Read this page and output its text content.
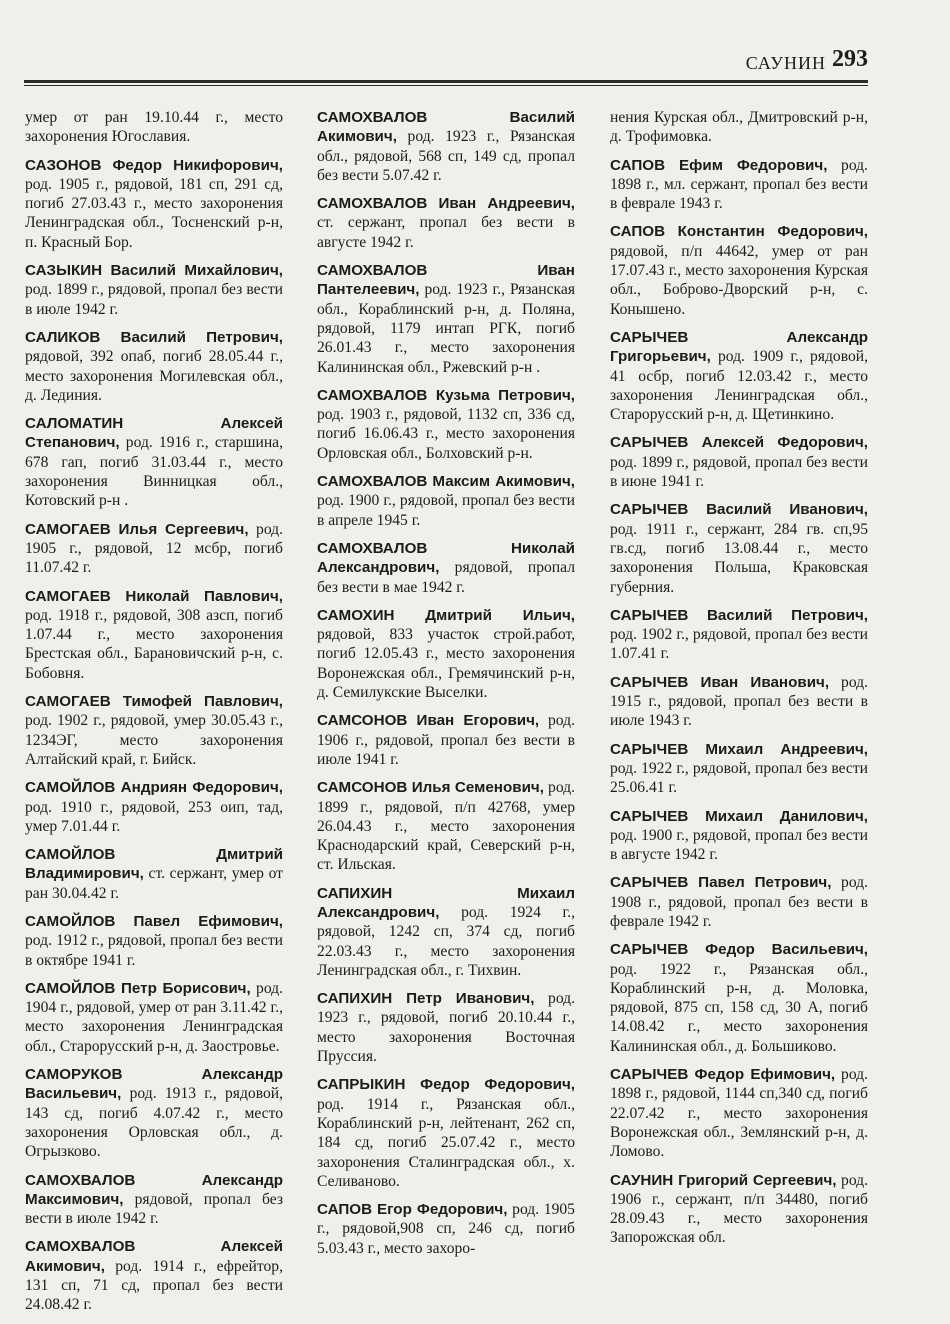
САУНИН 293
умер от ран 19.10.44 г., место захоронения Югославия.
САЗОНОВ Федор Никифорович, род. 1905 г., рядовой, 181 сп, 291 сд, погиб 27.03.43 г., место захоронения Ленинградская обл., Тосненский р-н, п. Красный Бор.
САЗЫКИН Василий Михайлович, род. 1899 г., рядовой, пропал без вести в июле 1942 г.
САЛИКОВ Василий Петрович, рядовой, 392 опаб, погиб 28.05.44 г., место захоронения Могилевская обл., д. Лединия.
САЛОМАТИН Алексей Степанович, род. 1916 г., старшина, 678 гап, погиб 31.03.44 г., место захоронения Винницкая обл., Котовский р-н .
САМОГАЕВ Илья Сергеевич, род. 1905 г., рядовой, 12 мсбр, погиб 11.07.42 г.
САМОГАЕВ Николай Павлович, род. 1918 г., рядовой, 308 азсп, погиб 1.07.44 г., место захоронения Брестская обл., Барановичский р-н, с. Бобовня.
САМОГАЕВ Тимофей Павлович, род. 1902 г., рядовой, умер 30.05.43 г., 1234ЭГ, место захоронения Алтайский край, г. Бийск.
САМОЙЛОВ Андриян Федорович, род. 1910 г., рядовой, 253 оип, тад, умер 7.01.44 г.
САМОЙЛОВ Дмитрий Владимирович, ст. сержант, умер от ран 30.04.42 г.
САМОЙЛОВ Павел Ефимович, род. 1912 г., рядовой, пропал без вести в октябре 1941 г.
САМОЙЛОВ Петр Борисович, род. 1904 г., рядовой, умер от ран 3.11.42 г., место захоронения Ленинградская обл., Старорусский р-н, д. Заостровье.
САМОРУКОВ Александр Васильевич, род. 1913 г., рядовой, 143 сд, погиб 4.07.42 г., место захоронения Орловская обл., д. Огрызково.
САМОХВАЛОВ Александр Максимович, рядовой, пропал без вести в июле 1942 г.
САМОХВАЛОВ Алексей Акимович, род. 1914 г., ефрейтор, 131 сп, 71 сд, пропал без вести 24.08.42 г.
САМОХВАЛОВ Василий Акимович, род. 1923 г., Рязанская обл., рядовой, 568 сп, 149 сд, пропал без вести 5.07.42 г.
САМОХВАЛОВ Иван Андреевич, ст. сержант, пропал без вести в августе 1942 г.
САМОХВАЛОВ Иван Пантелеевич, род. 1923 г., Рязанская обл., Кораблинский р-н, д. Поляна, рядовой, 1179 интап РГК, погиб 26.01.43 г., место захоронения Калининская обл., Ржевский р-н .
САМОХВАЛОВ Кузьма Петрович, род. 1903 г., рядовой, 1132 сп, 336 сд, погиб 16.06.43 г., место захоронения Орловская обл., Болховский р-н.
САМОХВАЛОВ Максим Акимович, род. 1900 г., рядовой, пропал без вести в апреле 1945 г.
САМОХВАЛОВ Николай Александрович, рядовой, пропал без вести в мае 1942 г.
САМОХИН Дмитрий Ильич, рядовой, 833 участок строй.работ, погиб 12.05.43 г., место захоронения Воронежская обл., Гремячинский р-н, д. Семилукские Выселки.
САМСОНОВ Иван Егорович, род. 1906 г., рядовой, пропал без вести в июле 1941 г.
САМСОНОВ Илья Семенович, род. 1899 г., рядовой, п/п 42768, умер 26.04.43 г., место захоронения Краснодарский край, Северский р-н, ст. Ильская.
САПИХИН Михаил Александрович, род. 1924 г., рядовой, 1242 сп, 374 сд, погиб 22.03.43 г., место захоронения Ленинградская обл., г. Тихвин.
САПИХИН Петр Иванович, род. 1923 г., рядовой, погиб 20.10.44 г., место захоронения Восточная Пруссия.
САПРЫКИН Федор Федорович, род. 1914 г., Рязанская обл., Кораблинский р-н, лейтенант, 262 сп, 184 сд, погиб 25.07.42 г., место захоронения Сталинградская обл., х. Селиваново.
САПОВ Егор Федорович, род. 1905 г., рядовой,908 сп, 246 сд, погиб 5.03.43 г., место захоро-
нения Курская обл., Дмитровский р-н, д. Трофимовка.
САПОВ Ефим Федорович, род. 1898 г., мл. сержант, пропал без вести в феврале 1943 г.
САПОВ Константин Федорович, рядовой, п/п 44642, умер от ран 17.07.43 г., место захоронения Курская обл., Боброво-Дворский р-н, с. Конышено.
САРЫЧЕВ Александр Григорьевич, род. 1909 г., рядовой, 41 осбр, погиб 12.03.42 г., место захоронения Ленинградская обл., Старорусский р-н, д. Щетинкино.
САРЫЧЕВ Алексей Федорович, род. 1899 г., рядовой, пропал без вести в июне 1941 г.
САРЫЧЕВ Василий Иванович, род. 1911 г., сержант, 284 гв. сп,95 гв.сд, погиб 13.08.44 г., место захоронения Польша, Краковская губерния.
САРЫЧЕВ Василий Петрович, род. 1902 г., рядовой, пропал без вести 1.07.41 г.
САРЫЧЕВ Иван Иванович, род. 1915 г., рядовой, пропал без вести в июле 1943 г.
САРЫЧЕВ Михаил Андреевич, род. 1922 г., рядовой, пропал без вести 25.06.41 г.
САРЫЧЕВ Михаил Данилович, род. 1900 г., рядовой, пропал без вести в августе 1942 г.
САРЫЧЕВ Павел Петрович, род. 1908 г., рядовой, пропал без вести в феврале 1942 г.
САРЫЧЕВ Федор Васильевич, род. 1922 г., Рязанская обл., Кораблинский р-н, д. Моловка, рядовой, 875 сп, 158 сд, 30 А, погиб 14.08.42 г., место захоронения Калининская обл., д. Большиково.
САРЫЧЕВ Федор Ефимович, род. 1898 г., рядовой, 1144 сп,340 сд, погиб 22.07.42 г., место захоронения Воронежская обл., Землянский р-н, д. Ломово.
САУНИН Григорий Сергеевич, род. 1906 г., сержант, п/п 34480, погиб 28.09.43 г., место захоронения Запорожская обл.
